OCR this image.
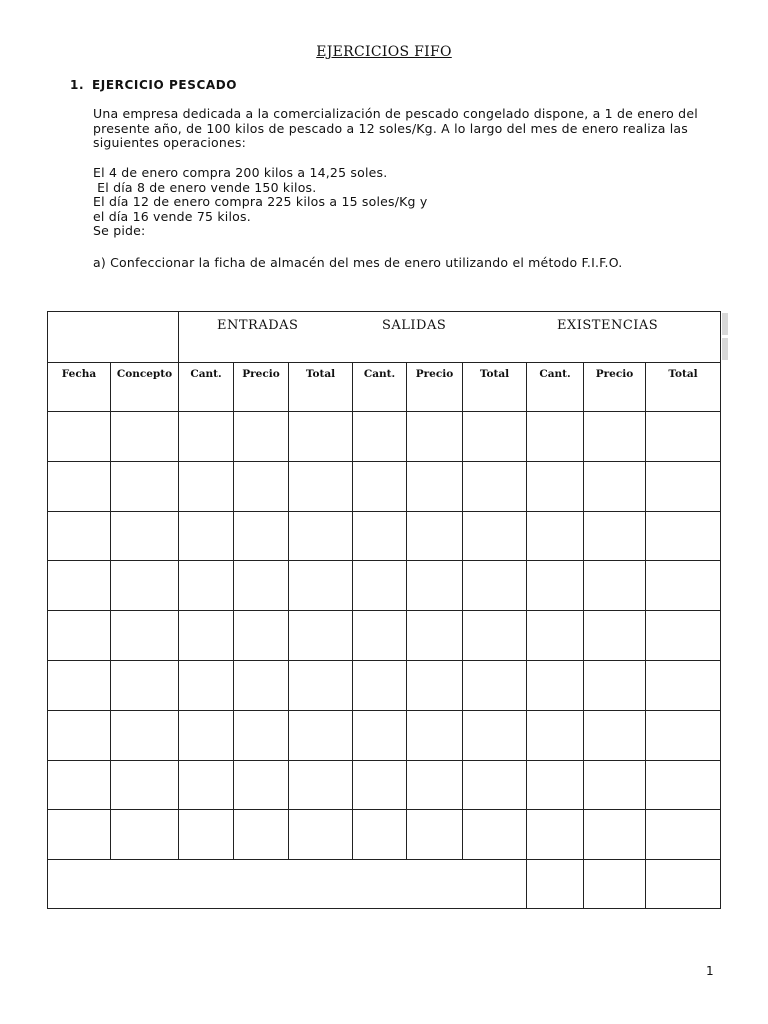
EJERCICIOS FIFO
1. EJERCICIO PESCADO
Una empresa dedicada a la comercialización de pescado congelado dispone, a 1 de enero del presente año, de 100 kilos de pescado a 12 soles/Kg. A lo largo del mes de enero realiza las siguientes operaciones:
El 4 de enero compra 200 kilos a 14,25 soles.
El día 8 de enero vende 150 kilos.
El día 12 de enero compra 225 kilos a 15 soles/Kg y
el día 16 vende 75 kilos.
Se pide:
a) Confeccionar la ficha de almacén del mes de enero utilizando el método F.I.F.O.

		ENTRADAS SALIDAS EXISTENCIAS								

Fecha	Concepto	Cant.	Precio	Total	Cant.	Precio	Total	Cant.	Precio	Total

1
